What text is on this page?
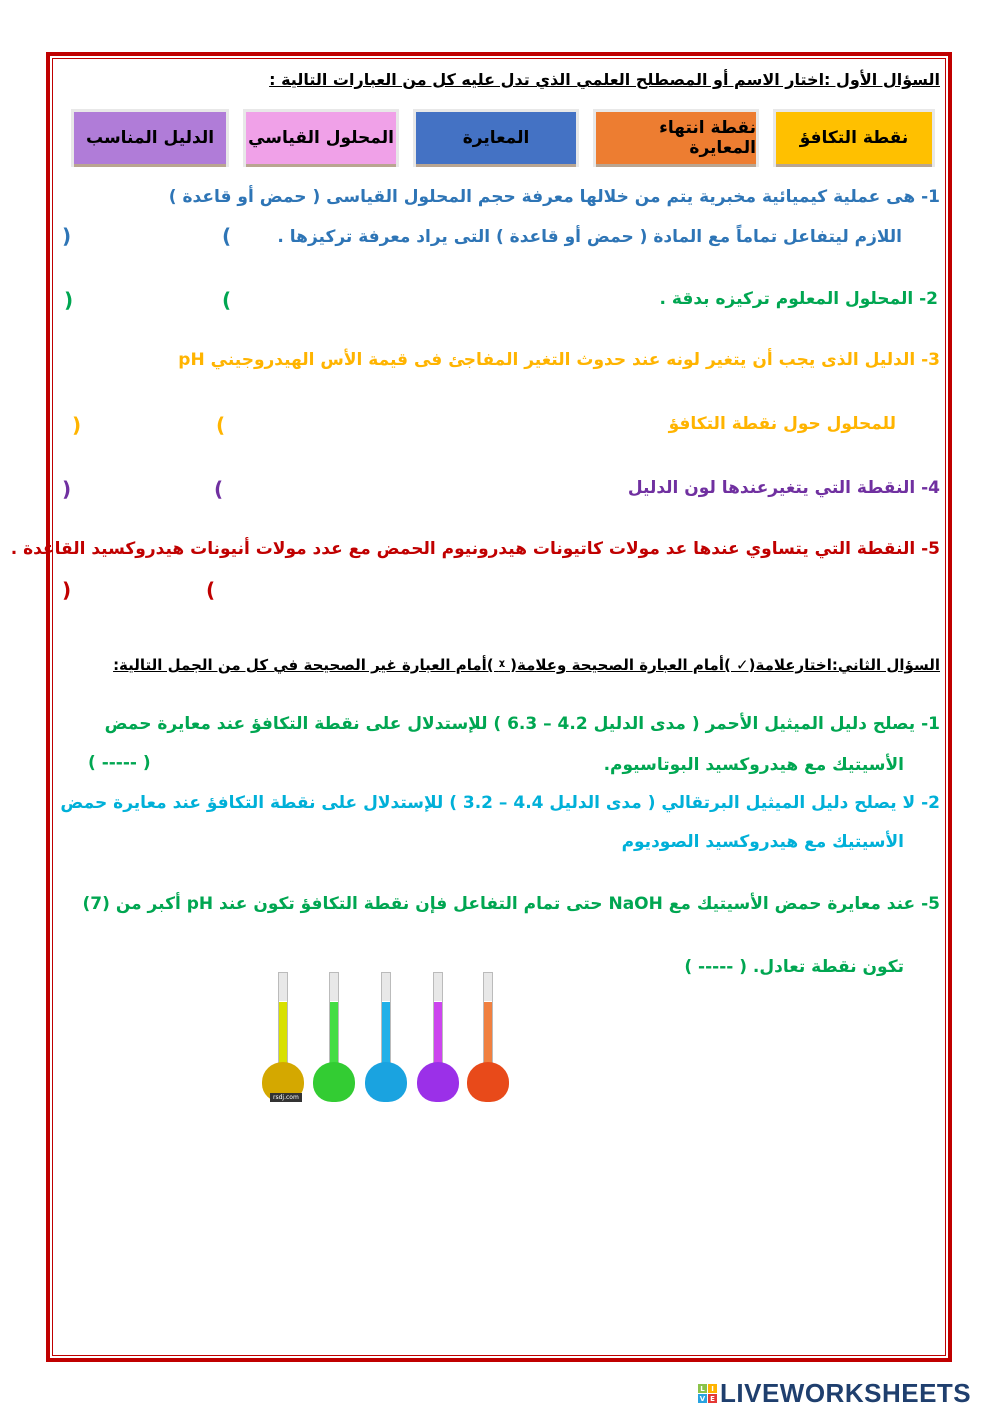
السؤال الأول :اختار الاسم أو المصطلح العلمي الذي تدل عليه كل من العبارات التالية :
نقطة التكافؤ
نقطة انتهاء المعايرة
المعايرة
المحلول القياسي
الدليل المناسب
1- هى عملية كيميائية مخبرية يتم من خلالها معرفة حجم المحلول القياسى ( حمض أو قاعدة )
اللازم ليتفاعل تماماً مع المادة ( حمض أو قاعدة ) التى يراد معرفة تركيزها .
(
)
2- المحلول المعلوم تركيزه بدقة .
(
)
3- الدليل الذى يجب أن يتغير لونه عند حدوث التغير المفاجئ فى قيمة الأس الهيدروجيني pH
للمحلول حول نقطة التكافؤ
(
)
4- النقطة التي يتغيرعندها لون الدليل
(
)
5- النقطة التي يتساوي عندها عد مولات كاتيونات هيدرونيوم الحمض مع عدد مولات أنيونات هيدروكسيد القاعدة .
(
)
السؤال الثاني:اختارعلامة(✓ )أمام العبارة الصحيحة وعلامة( ᵡ )أمام العبارة غير الصحيحة في كل من الجمل التالية:
1- يصلح دليل الميثيل الأحمر ( مدى الدليل 4.2 – 6.3 ) للإستدلال على نقطة التكافؤ عند معايرة حمض
الأسيتيك مع هيدروكسيد البوتاسيوم.
( ----- )
2- لا يصلح دليل الميثيل البرتقالي ( مدى الدليل 4.4 – 3.2 ) للإستدلال على نقطة التكافؤ عند معايرة حمض
الأسيتيك مع هيدروكسيد الصوديوم
5- عند معايرة حمض الأسيتيك مع NaOH حتى تمام التفاعل فإن نقطة التكافؤ تكون عند pH أكبر من (7)
تكون نقطة تعادل. ( ----- )
rsdj.com
L I
V E LIVEWORKSHEETS
